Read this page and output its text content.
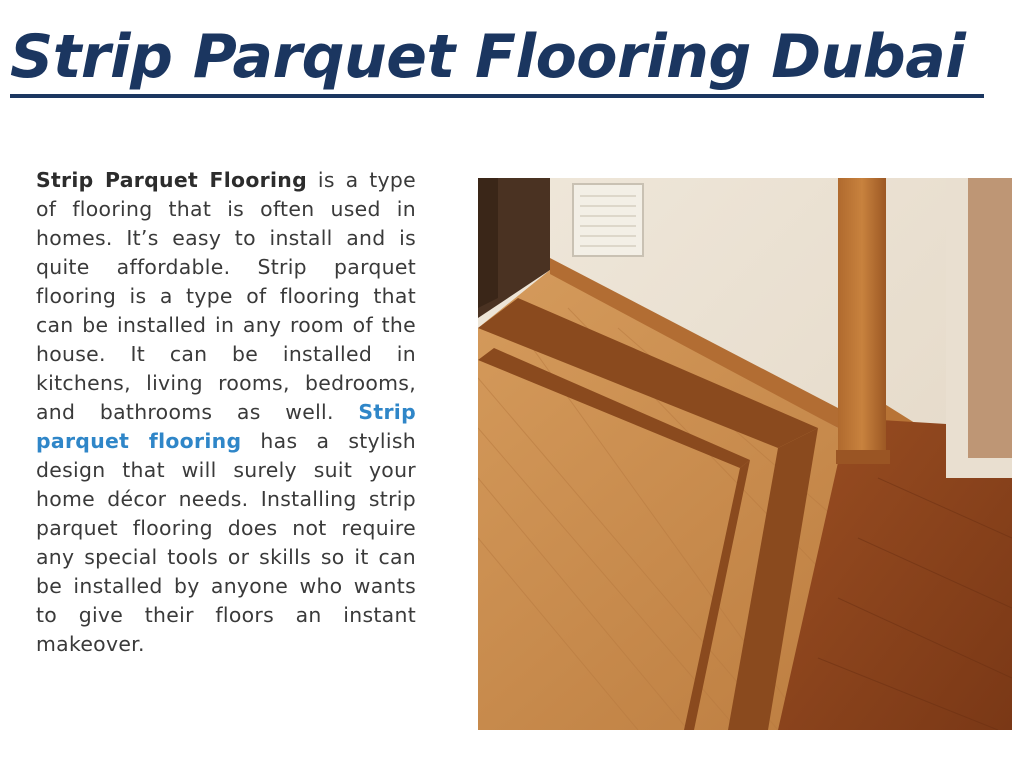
Strip Parquet Flooring Dubai

Strip Parquet Flooring is a type of flooring that is often used in homes. It’s easy to install and is quite affordable. Strip parquet flooring is a type of flooring that can be installed in any room of the house. It can be installed in kitchens, living rooms, bedrooms, and bathrooms as well. Strip parquet flooring has a stylish design that will surely suit your home décor needs. Installing strip parquet flooring does not require any special tools or skills so it can be installed by anyone who wants to give their floors an instant makeover.
